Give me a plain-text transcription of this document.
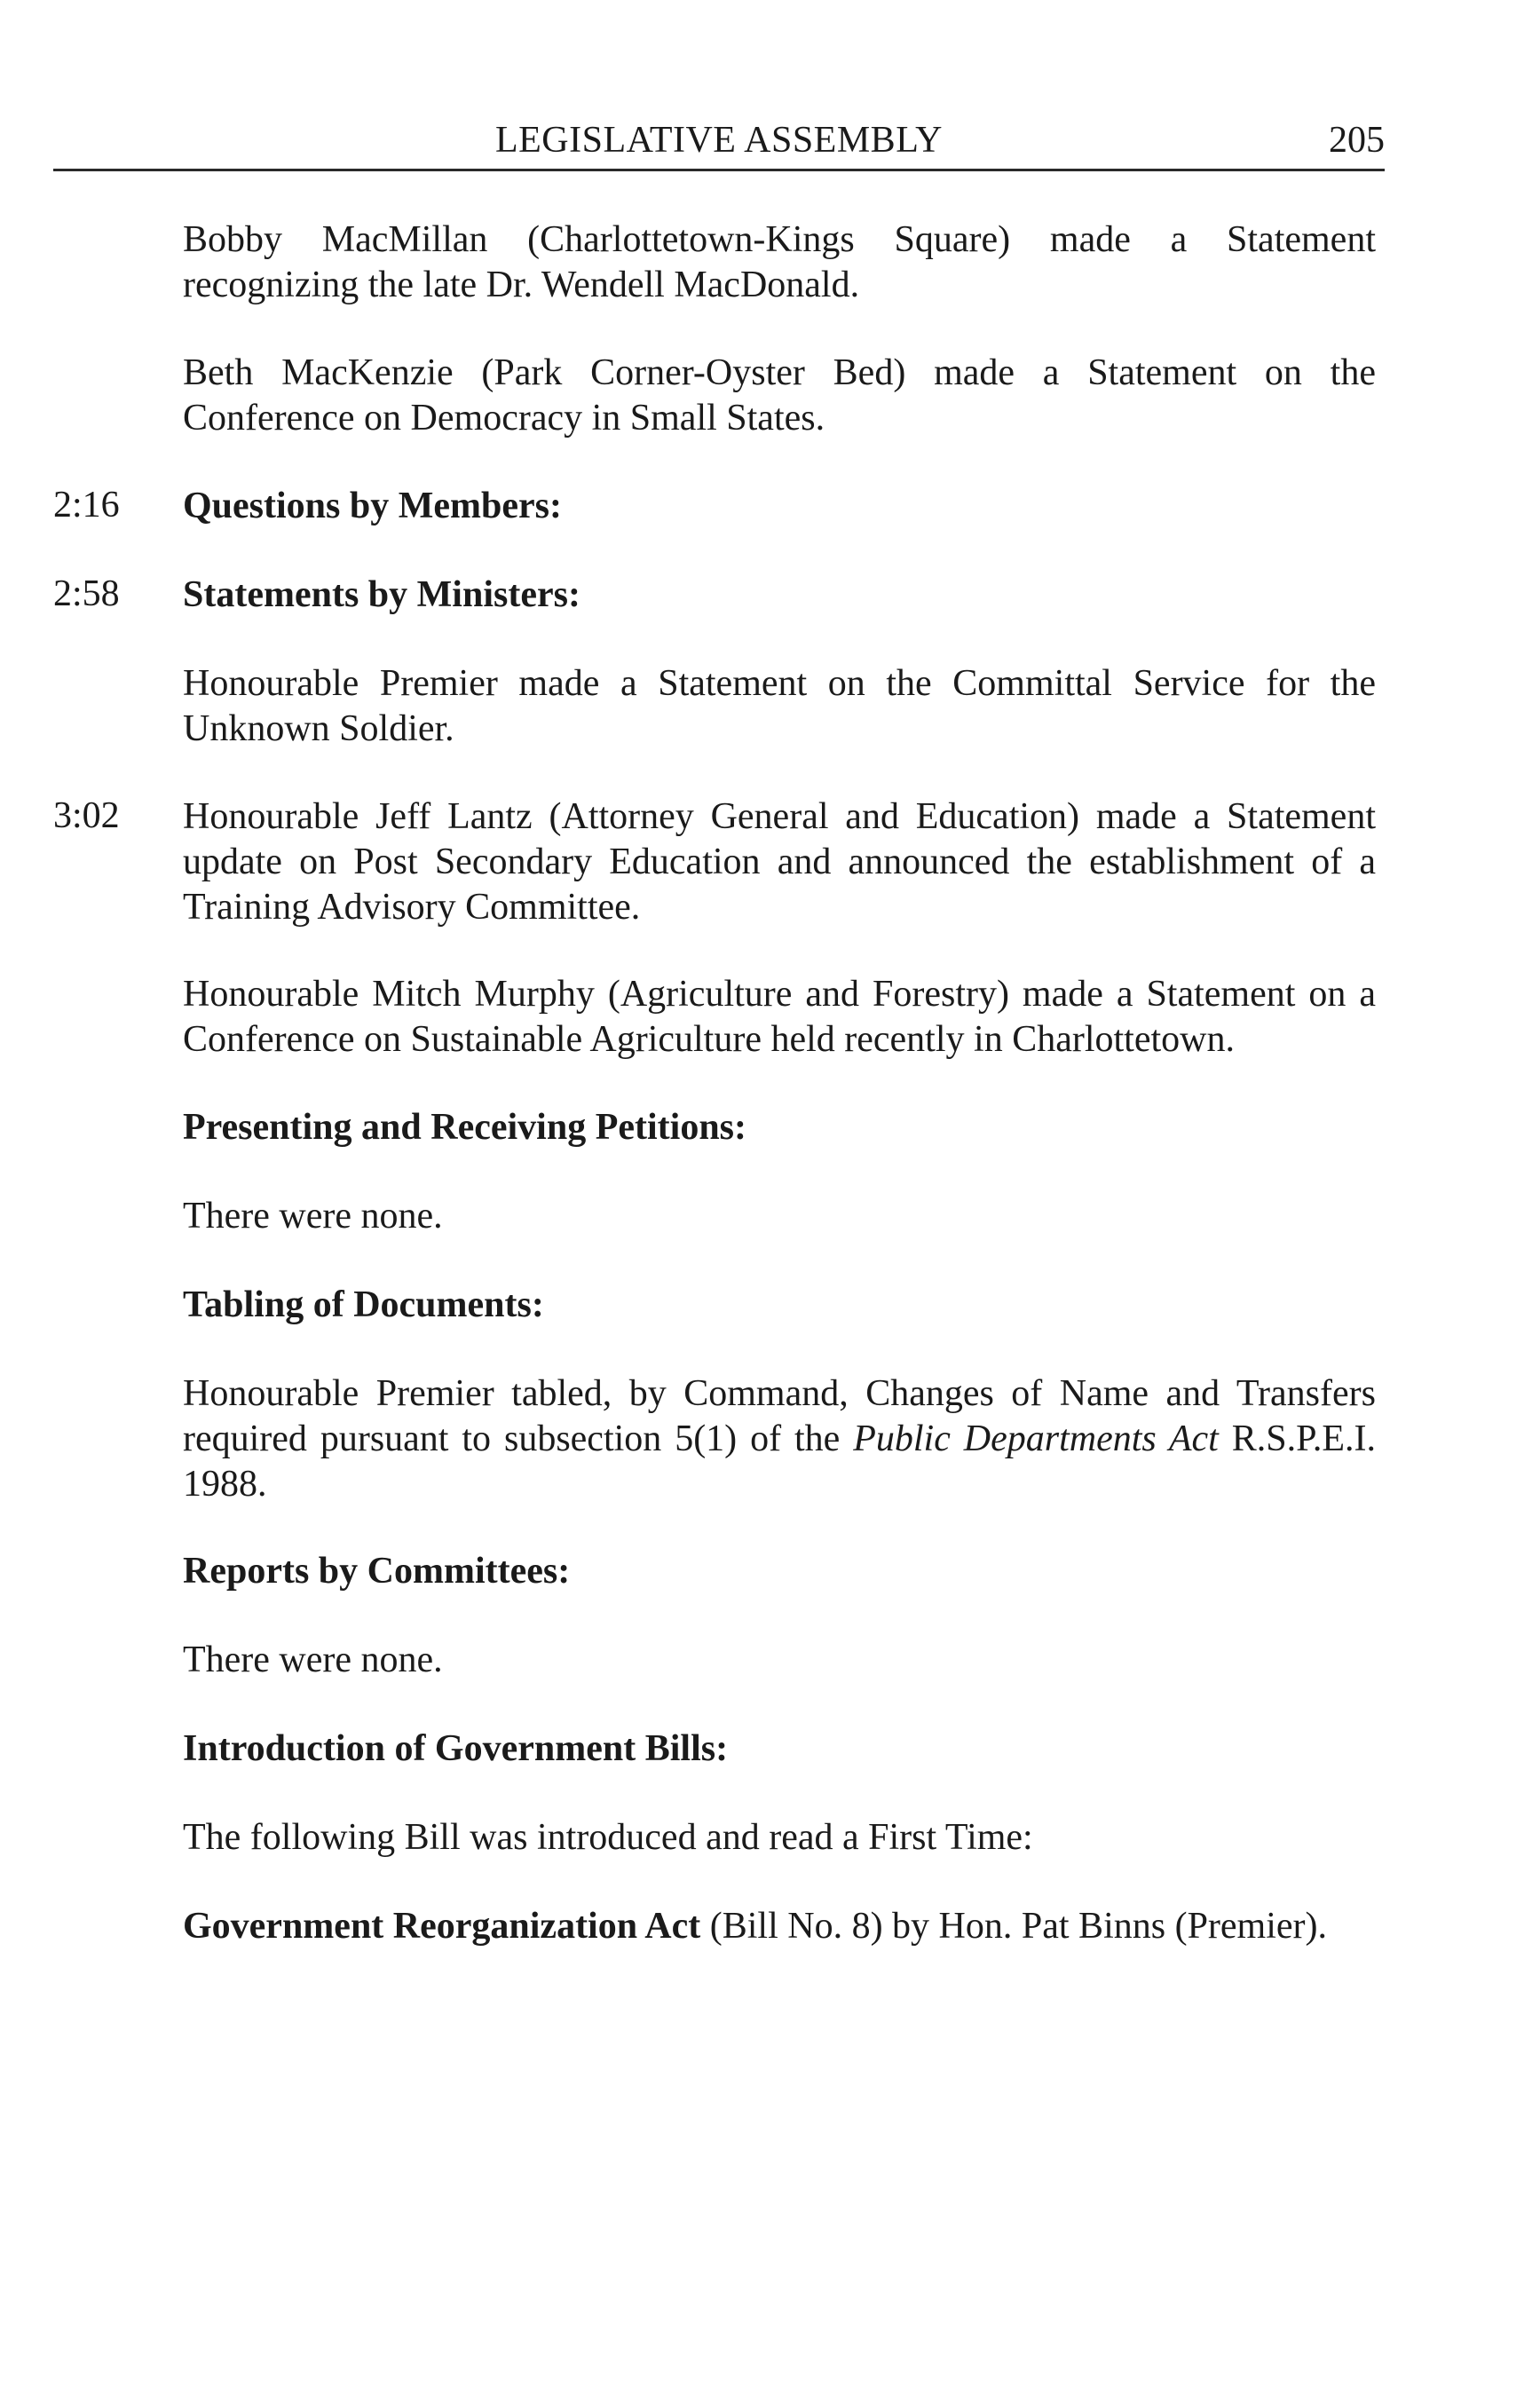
LEGISLATIVE ASSEMBLY	205
Bobby MacMillan (Charlottetown-Kings Square) made a Statement recognizing the late Dr. Wendell MacDonald.
Beth MacKenzie (Park Corner-Oyster Bed) made a Statement on the Conference on Democracy in Small States.
2:16	Questions by Members:
2:58	Statements by Ministers:
Honourable Premier made a Statement on the Committal Service for the Unknown Soldier.
3:02	Honourable Jeff Lantz (Attorney General and Education) made a Statement update on Post Secondary Education and announced the establishment of a Training Advisory Committee.
Honourable Mitch Murphy (Agriculture and Forestry) made a Statement on a Conference on Sustainable Agriculture held recently in Charlottetown.
Presenting and Receiving Petitions:
There were none.
Tabling of Documents:
Honourable Premier tabled, by Command, Changes of Name and Transfers required pursuant to subsection 5(1) of the Public Departments Act R.S.P.E.I. 1988.
Reports by Committees:
There were none.
Introduction of Government Bills:
The following Bill was introduced and read a First Time:
Government Reorganization Act (Bill No. 8) by Hon. Pat Binns (Premier).
